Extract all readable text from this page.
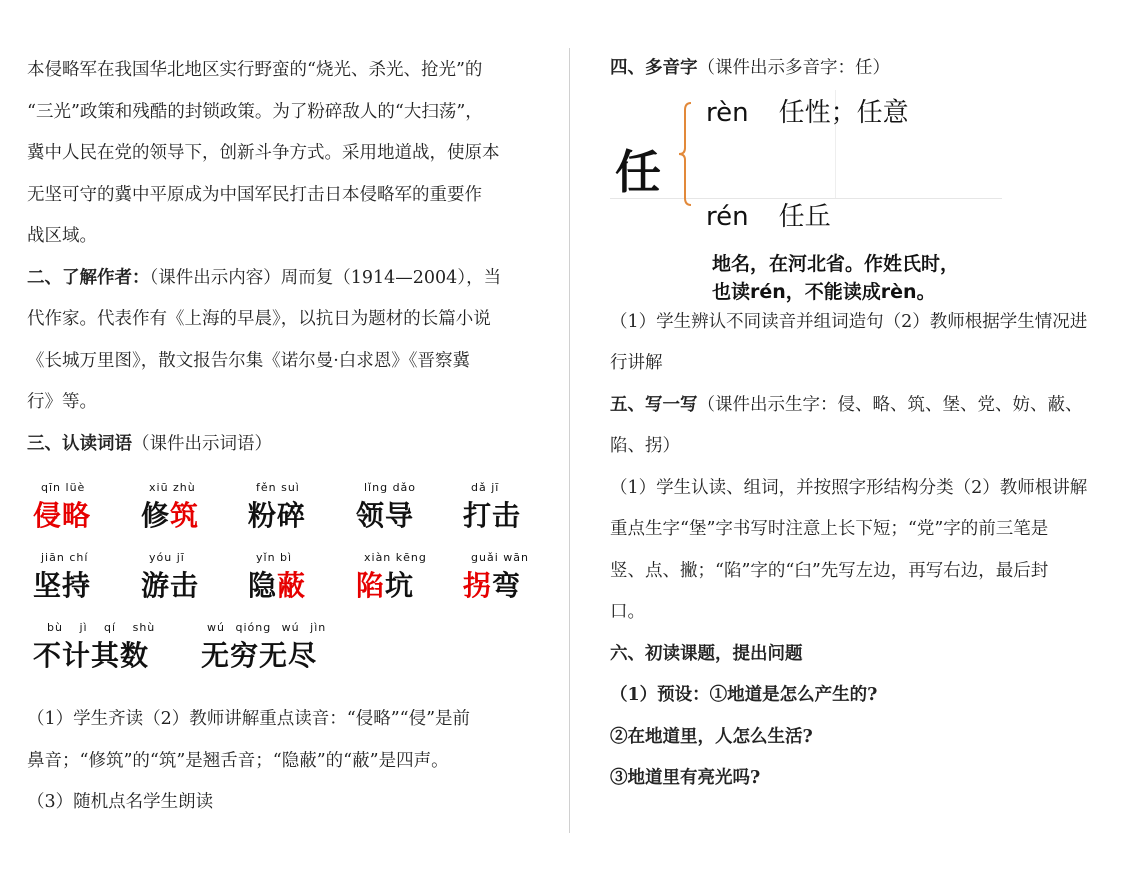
本侵略军在我国华北地区实行野蛮的“烧光、杀光、抢光”的
“三光”政策和残酷的封锁政策。为了粉碎敌人的“大扫荡”，
冀中人民在党的领导下，创新斗争方式。采用地道战，使原本
无坚可守的冀中平原成为中国军民打击日本侵略军的重要作
战区域。
二、了解作者：（课件出示内容）周而复（1914—2004），当
代作家。代表作有《上海的早晨》，以抗日为题材的长篇小说
《长城万里图》，散文报告尔集《诺尔曼·白求恩》《晋察冀
行》等。
三、认读词语（课件出示词语）
qīn lüè
侵略
xiū zhù
修筑
fěn suì
粉碎
lǐng dǎo
领导
dǎ jī
打击
jiān chí
坚持
yóu jī
游击
yǐn bì
隐蔽
xiàn kēng
陷坑
guǎi wān
拐弯
bù jì qí shù
不计其数
wú qióng wú jìn
无穷无尽
（1）学生齐读（2）教师讲解重点读音：“侵略”“侵”是前
鼻音；“修筑”的“筑”是翘舌音；“隐蔽”的“蔽”是四声。
（3）随机点名学生朗读
四、多音字（课件出示多音字：任）
任
rèn 任性；任意
rén 任丘
地名，在河北省。作姓氏时，
也读rén，不能读成rèn。
（1）学生辨认不同读音并组词造句（2）教师根据学生情况进
行讲解
五、写一写（课件出示生字：侵、略、筑、堡、党、妨、蔽、
陷、拐）
（1）学生认读、组词，并按照字形结构分类（2）教师根讲解
重点生字“堡”字书写时注意上长下短；“党”字的前三笔是
竖、点、撇；“陷”字的“臼”先写左边，再写右边，最后封
口。
六、初读课题，提出问题
（1）预设：①地道是怎么产生的?
②在地道里，人怎么生活?
③地道里有亮光吗?
